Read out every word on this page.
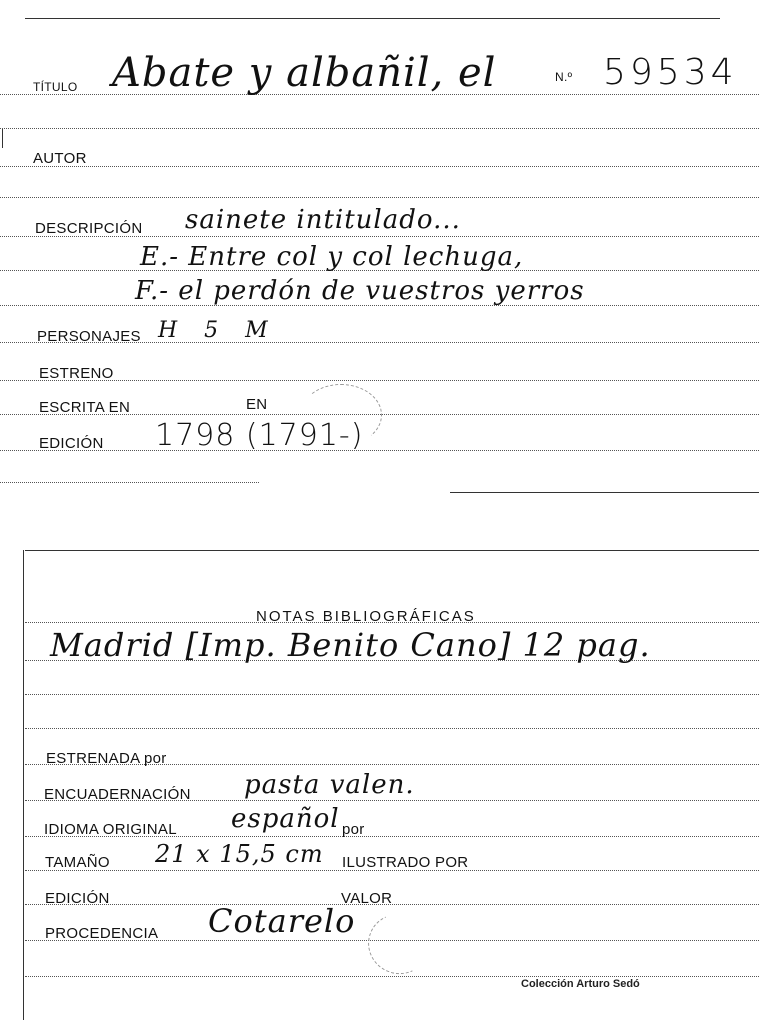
TÍTULO Abate y albañil, el	N.º 59534
AUTOR
DESCRIPCIÓN sainete intitulado...
E.- Entre col y col lechuga,
F.- el perdón de vuestros yerros
PERSONAJES H 5 M
ESTRENO
ESCRITA EN	EN
EDICIÓN 1798 (1791-)
NOTAS BIBLIOGRÁFICAS
Madrid [Imp. Benito Cano] 12 pag.
ESTRENADA por
ENCUADERNACIÓN pasta valen.
IDIOMA ORIGINAL español por
TAMAÑO 21 x 15,5 cm ILUSTRADO POR
EDICIÓN	VALOR
PROCEDENCIA Cotarelo
Colección Arturo Sedó
